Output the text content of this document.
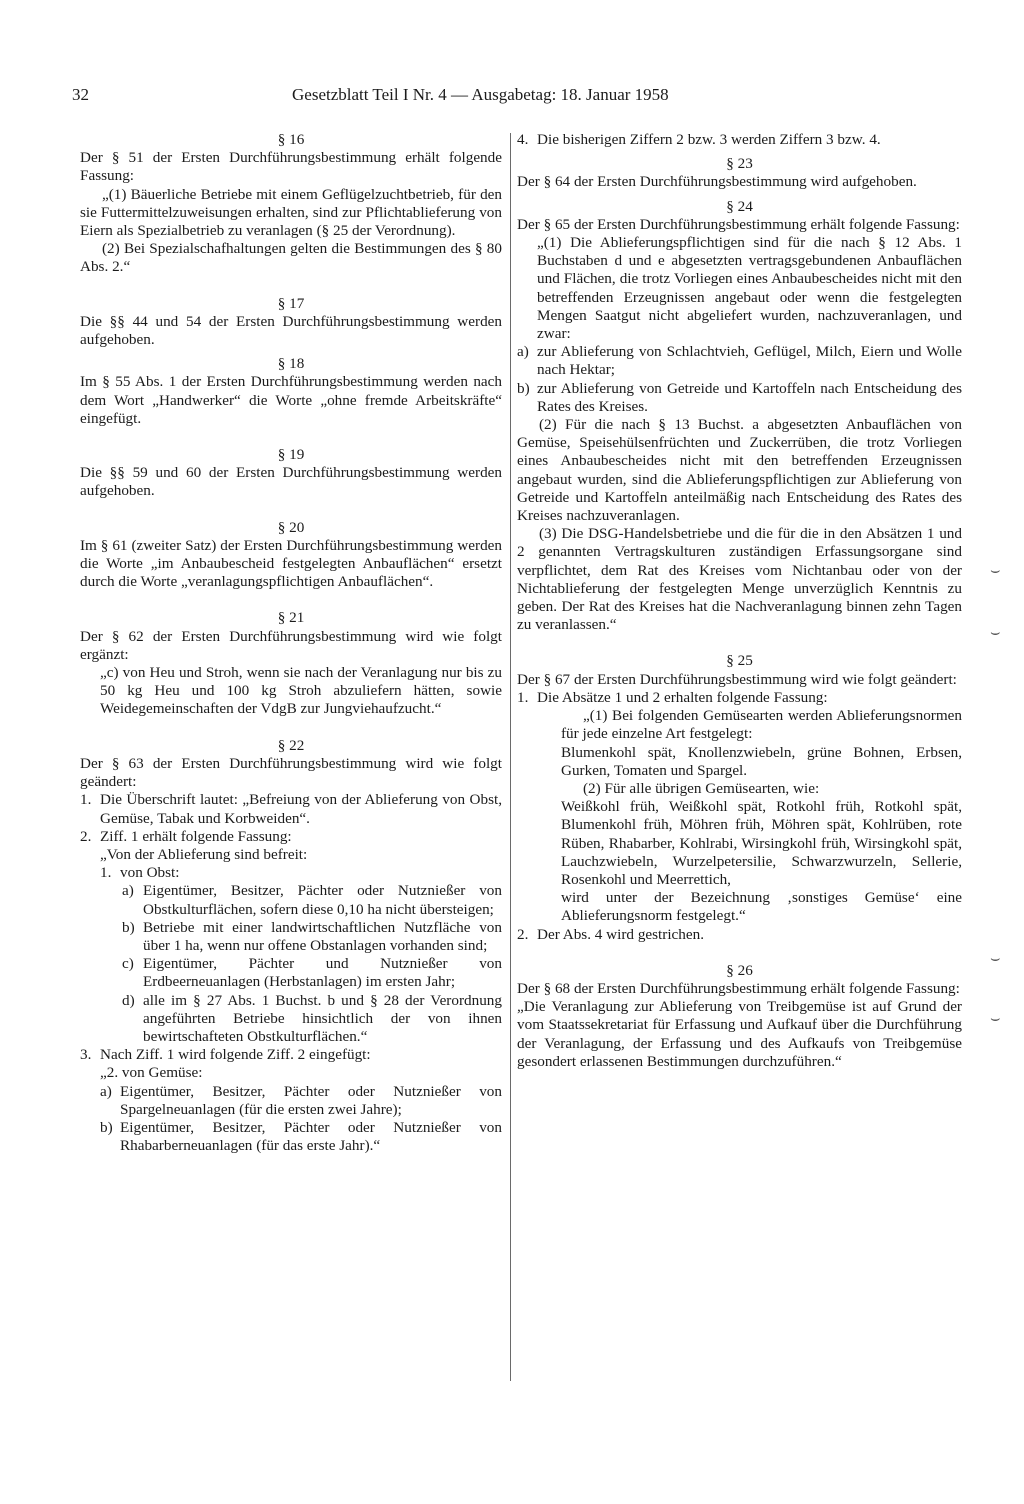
32	Gesetzblatt Teil I Nr. 4 — Ausgabetag: 18. Januar 1958

§ 16

Der § 51 der Ersten Durchführungsbestimmung erhält folgende Fassung:

„(1) Bäuerliche Betriebe mit einem Geflügelzuchtbetrieb, für den sie Futtermittelzuweisungen erhalten, sind zur Pflichtablieferung von Eiern als Spezialbetrieb zu veranlagen (§ 25 der Verordnung).

(2) Bei Spezialschafhaltungen gelten die Bestimmungen des § 80 Abs. 2.“

§ 17

Die §§ 44 und 54 der Ersten Durchführungsbestimmung werden aufgehoben.

§ 18

Im § 55 Abs. 1 der Ersten Durchführungsbestimmung werden nach dem Wort „Handwerker“ die Worte „ohne fremde Arbeitskräfte“ eingefügt.

§ 19

Die §§ 59 und 60 der Ersten Durchführungsbestimmung werden aufgehoben.

§ 20

Im § 61 (zweiter Satz) der Ersten Durchführungsbestimmung werden die Worte „im Anbaubescheid festgelegten Anbauflächen“ ersetzt durch die Worte „veranlagungspflichtigen Anbauflächen“.

§ 21

Der § 62 der Ersten Durchführungsbestimmung wird wie folgt ergänzt:

„c) von Heu und Stroh, wenn sie nach der Veranlagung nur bis zu 50 kg Heu und 100 kg Stroh abzuliefern hätten, sowie Weidegemeinschaften der VdgB zur Jungviehaufzucht.“

§ 22

Der § 63 der Ersten Durchführungsbestimmung wird wie folgt geändert:

1. Die Überschrift lautet: „Befreiung von der Ablieferung von Obst, Gemüse, Tabak und Korbweiden“.

2. Ziff. 1 erhält folgende Fassung:

„Von der Ablieferung sind befreit:

1. von Obst:

a) Eigentümer, Besitzer, Pächter oder Nutznießer von Obstkulturflächen, sofern diese 0,10 ha nicht übersteigen;

b) Betriebe mit einer landwirtschaftlichen Nutzfläche von über 1 ha, wenn nur offene Obstanlagen vorhanden sind;

c) Eigentümer, Pächter und Nutznießer von Erdbeerneuanlagen (Herbstanlagen) im ersten Jahr;

d) alle im § 27 Abs. 1 Buchst. b und § 28 der Verordnung angeführten Betriebe hinsichtlich der von ihnen bewirtschafteten Obstkulturflächen.“

3. Nach Ziff. 1 wird folgende Ziff. 2 eingefügt:

„2. von Gemüse:

a) Eigentümer, Besitzer, Pächter oder Nutznießer von Spargelneuanlagen (für die ersten zwei Jahre);

b) Eigentümer, Besitzer, Pächter oder Nutznießer von Rhabarberneuanlagen (für das erste Jahr).“

4. Die bisherigen Ziffern 2 bzw. 3 werden Ziffern 3 bzw. 4.

§ 23

Der § 64 der Ersten Durchführungsbestimmung wird aufgehoben.

§ 24

Der § 65 der Ersten Durchführungsbestimmung erhält folgende Fassung:

„(1) Die Ablieferungspflichtigen sind für die nach § 12 Abs. 1 Buchstaben d und e abgesetzten vertragsgebundenen Anbauflächen und Flächen, die trotz Vorliegen eines Anbaubescheides nicht mit den betreffenden Erzeugnissen angebaut oder wenn die festgelegten Mengen Saatgut nicht abgeliefert wurden, nachzuveranlagen, und zwar:

a) zur Ablieferung von Schlachtvieh, Geflügel, Milch, Eiern und Wolle nach Hektar;

b) zur Ablieferung von Getreide und Kartoffeln nach Entscheidung des Rates des Kreises.

(2) Für die nach § 13 Buchst. a abgesetzten Anbauflächen von Gemüse, Speisehülsenfrüchten und Zuckerrüben, die trotz Vorliegen eines Anbaubescheides nicht mit den betreffenden Erzeugnissen angebaut wurden, sind die Ablieferungspflichtigen zur Ablieferung von Getreide und Kartoffeln anteilmäßig nach Entscheidung des Rates des Kreises nachzuveranlagen.

(3) Die DSG-Handelsbetriebe und die für die in den Absätzen 1 und 2 genannten Vertragskulturen zuständigen Erfassungsorgane sind verpflichtet, dem Rat des Kreises vom Nichtanbau oder von der Nichtablieferung der festgelegten Menge unverzüglich Kenntnis zu geben. Der Rat des Kreises hat die Nachveranlagung binnen zehn Tagen zu veranlassen.“

§ 25

Der § 67 der Ersten Durchführungsbestimmung wird wie folgt geändert:

1. Die Absätze 1 und 2 erhalten folgende Fassung:

„(1) Bei folgenden Gemüsearten werden Ablieferungsnormen für jede einzelne Art festgelegt:

Blumenkohl spät, Knollenzwiebeln, grüne Bohnen, Erbsen, Gurken, Tomaten und Spargel.

(2) Für alle übrigen Gemüsearten, wie:

Weißkohl früh, Weißkohl spät, Rotkohl früh, Rotkohl spät, Blumenkohl früh, Möhren früh, Möhren spät, Kohlrüben, rote Rüben, Rhabarber, Kohlrabi, Wirsingkohl früh, Wirsingkohl spät, Lauchzwiebeln, Wurzelpetersilie, Schwarzwurzeln, Sellerie, Rosenkohl und Meerrettich,

wird unter der Bezeichnung ‚sonstiges Gemüse‘ eine Ablieferungsnorm festgelegt.“

2. Der Abs. 4 wird gestrichen.

§ 26

Der § 68 der Ersten Durchführungsbestimmung erhält folgende Fassung:

„Die Veranlagung zur Ablieferung von Treibgemüse ist auf Grund der vom Staatssekretariat für Erfassung und Aufkauf über die Durchführung der Veranlagung, der Erfassung und des Aufkaufs von Treibgemüse gesondert erlassenen Bestimmungen durchzuführen.“

⌣
⌣
⌣
⌣
